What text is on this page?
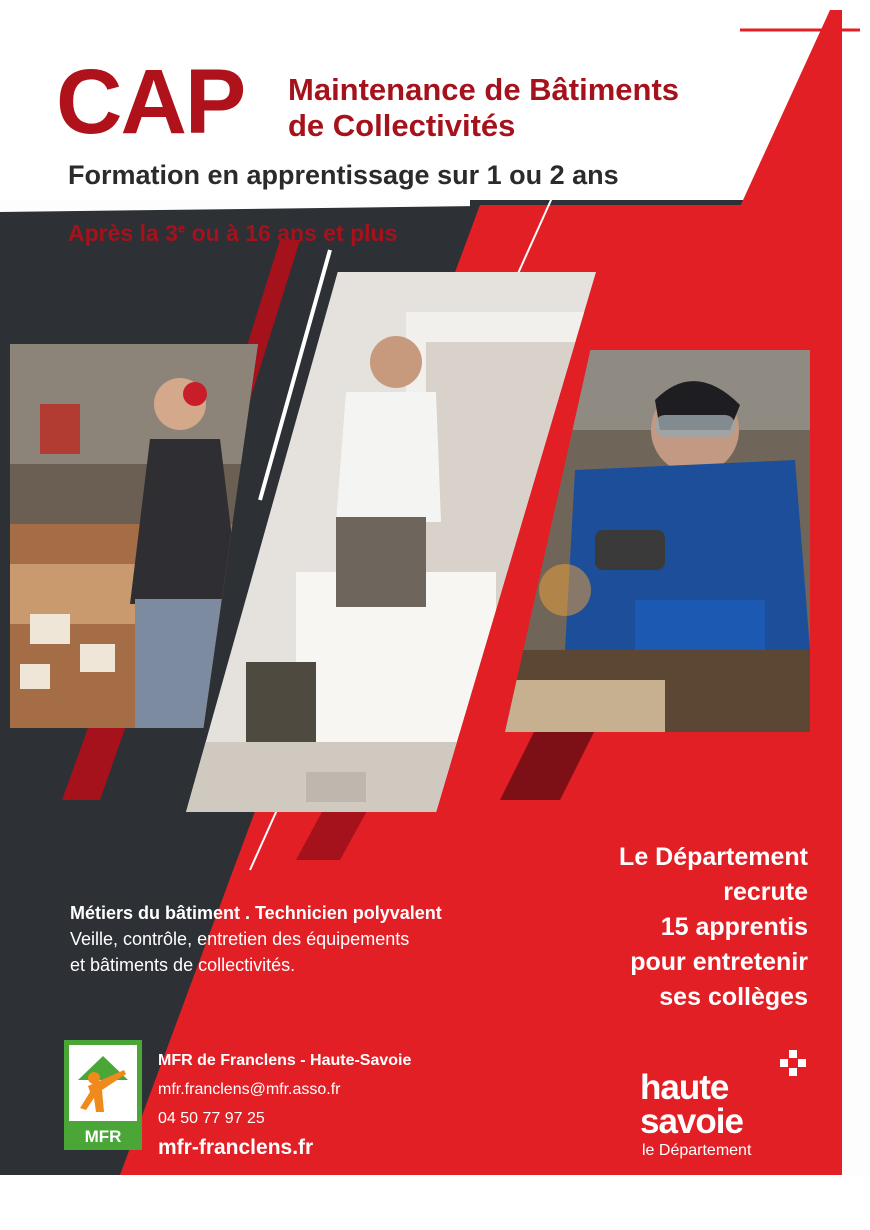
CAP Maintenance de Bâtiments
de Collectivités
Formation en apprentissage sur 1 ou 2 ans
Après la 3e ou à 16 ans et plus
Métiers du bâtiment . Technicien polyvalent
Veille, contrôle, entretien des équipements
et bâtiments de collectivités.
Le Département
recrute
15 apprentis
pour entretenir
ses collèges
MFR
MFR de Franclens - Haute-Savoie
mfr.franclens@mfr.asso.fr
04 50 77 97 25
mfr-franclens.fr
haute
savoie
le Département
